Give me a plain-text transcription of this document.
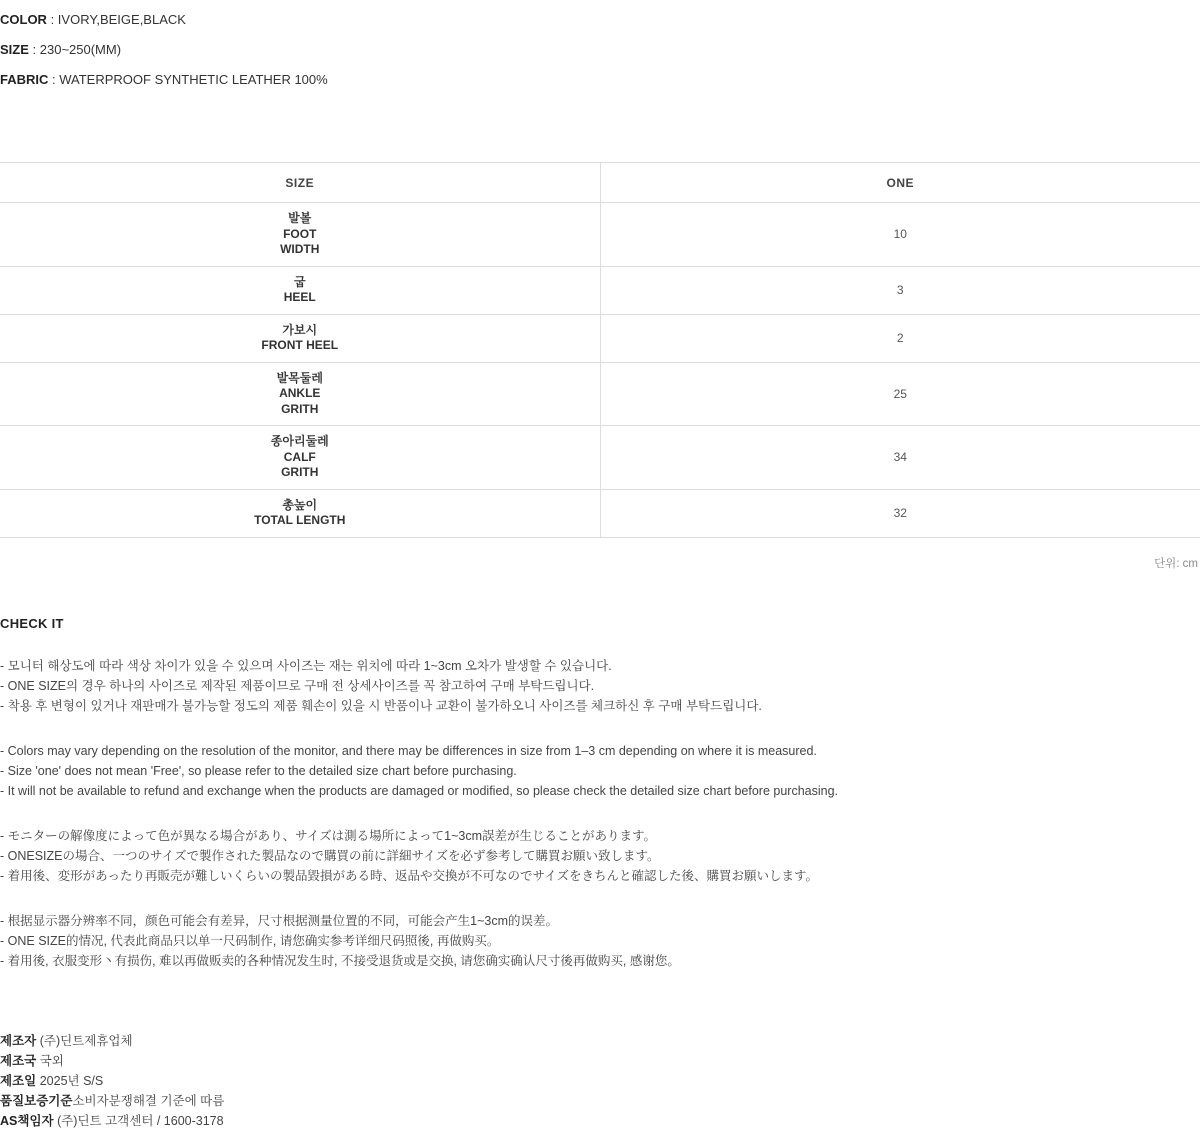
COLOR : IVORY,BEIGE,BLACK
SIZE : 230~250(MM)
FABRIC : WATERPROOF SYNTHETIC LEATHER 100%
SIZE	ONE

발볼
FOOT
WIDTH	10

굽
HEEL	3

가보시
FRONT HEEL	2

발목둘레
ANKLE
GRITH	25

종아리둘레
CALF
GRITH	34

총높이
TOTAL LENGTH	32
단위: cm
CHECK IT
- 모니터 해상도에 따라 색상 차이가 있을 수 있으며 사이즈는 재는 위치에 따라 1~3cm 오차가 발생할 수 있습니다.
- ONE SIZE의 경우 하나의 사이즈로 제작된 제품이므로 구매 전 상세사이즈를 꼭 참고하여 구매 부탁드립니다.
- 착용 후 변형이 있거나 재판매가 불가능할 정도의 제품 훼손이 있을 시 반품이나 교환이 불가하오니 사이즈를 체크하신 후 구매 부탁드립니다.
- Colors may vary depending on the resolution of the monitor, and there may be differences in size from 1–3 cm depending on where it is measured.
- Size 'one' does not mean 'Free', so please refer to the detailed size chart before purchasing.
- It will not be available to refund and exchange when the products are damaged or modified, so please check the detailed size chart before purchasing.
- モニターの解像度によって色が異なる場合があり、サイズは測る場所によって1~3cm誤差が生じることがあります。
- ONESIZEの場合、一つのサイズで製作された製品なので購買の前に詳細サイズを必ず参考して購買お願い致します。
- 着用後、変形があったり再販売が難しいくらいの製品毀損がある時、返品や交換が不可なのでサイズをきちんと確認した後、購買お願いします。
- 根据显示器分辨率不同，颜色可能会有差异，尺寸根据测量位置的不同，可能会产生1~3cm的误差。
- ONE SIZE的情况, 代表此商品只以单一尺码制作, 请您确实参考详细尺码照後, 再做购买。
- 着用後, 衣服变形丶有损伤, 难以再做贩卖的各种情况发生时, 不接受退货或是交换, 请您确实确认尺寸後再做购买, 感谢您。
제조자 (주)딘트제휴업체
제조국 국외
제조일 2025년 S/S
품질보증기준소비자분쟁해결 기준에 따름
AS책임자 (주)딘트 고객센터 / 1600-3178
